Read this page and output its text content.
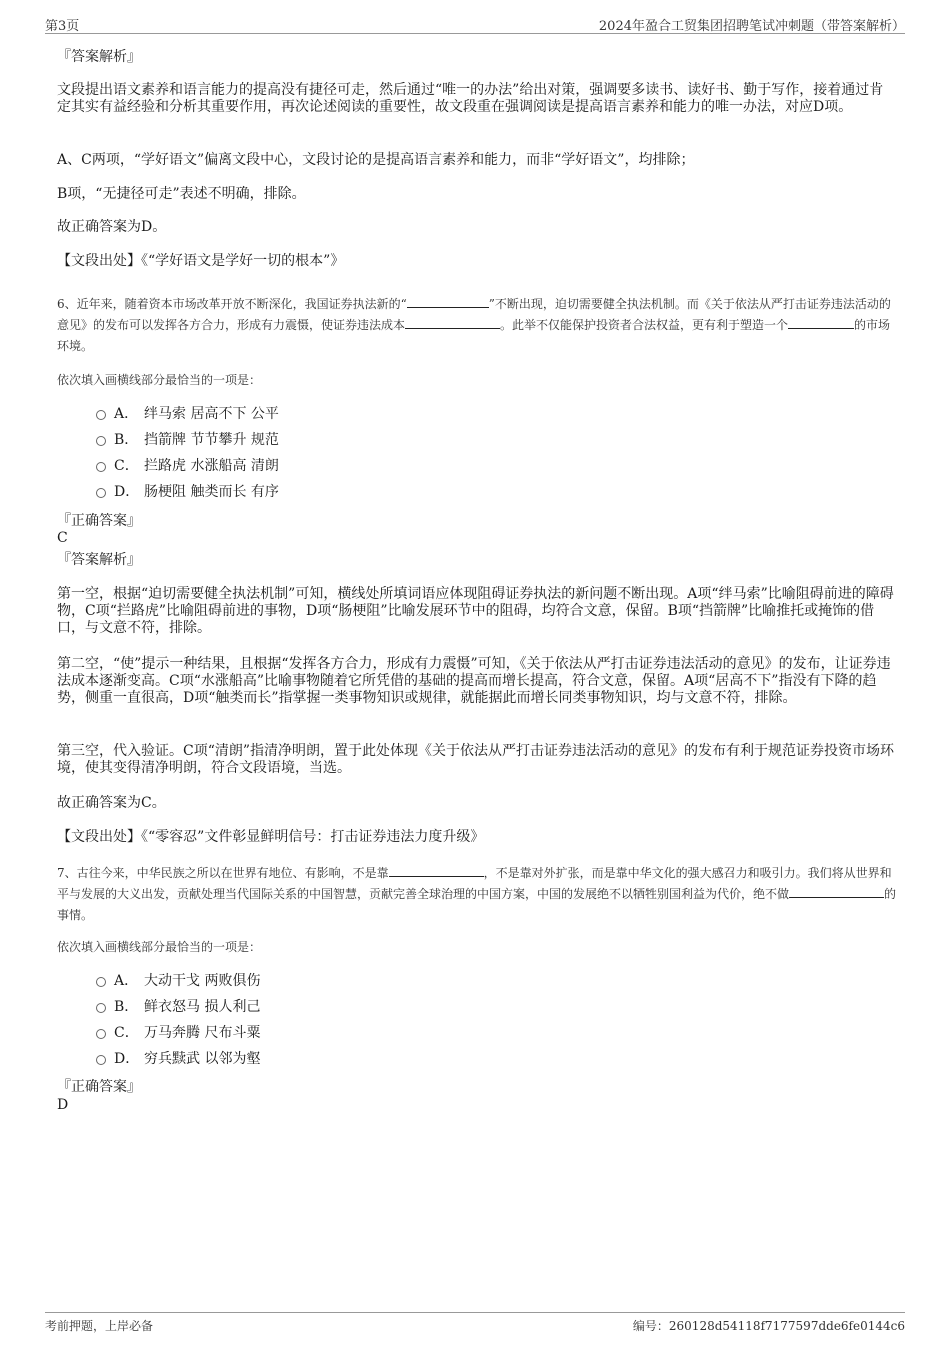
第3页	2024年盈合工贸集团招聘笔试冲刺题（带答案解析）

『答案解析』

文段提出语文素养和语言能力的提高没有捷径可走，然后通过“唯一的办法”给出对策，强调要多读书、读好书、勤于写作，接着通过肯定其实有益经验和分析其重要作用，再次论述阅读的重要性，故文段重在强调阅读是提高语言素养和能力的唯一办法，对应D项。

A、C两项，“学好语文”偏离文段中心，文段讨论的是提高语言素养和能力，而非“学好语文”，均排除；

B项，“无捷径可走”表述不明确，排除。

故正确答案为D。

【文段出处】《“学好语文是学好一切的根本”》

6、近年来，随着资本市场改革开放不断深化，我国证券执法新的“	”不断出现，迫切需要健全执法机制。而《关于依法从严打击证券违法活动的意见》的发布可以发挥各方合力，形成有力震慑，使证券违法成本	。此举不仅能保护投资者合法权益，更有利于塑造一个	的市场环境。

依次填入画横线部分最恰当的一项是：

A． 绊马索 居高不下 公平
B． 挡箭牌 节节攀升 规范
C． 拦路虎 水涨船高 清朗
D． 肠梗阻 触类而长 有序

『正确答案』

C

『答案解析』

第一空，根据“迫切需要健全执法机制”可知，横线处所填词语应体现阻碍证券执法的新问题不断出现。A项“绊马索”比喻阻碍前进的障碍物，C项“拦路虎”比喻阻碍前进的事物，D项“肠梗阻”比喻发展环节中的阻碍，均符合文意，保留。B项“挡箭牌”比喻推托或掩饰的借口，与文意不符，排除。

第二空，“使”提示一种结果，且根据“发挥各方合力，形成有力震慑”可知，《关于依法从严打击证券违法活动的意见》的发布，让证券违法成本逐渐变高。C项“水涨船高”比喻事物随着它所凭借的基础的提高而增长提高，符合文意，保留。A项“居高不下”指没有下降的趋势，侧重一直很高，D项“触类而长”指掌握一类事物知识或规律，就能据此而增长同类事物知识，均与文意不符，排除。

第三空，代入验证。C项“清朗”指清净明朗，置于此处体现《关于依法从严打击证券违法活动的意见》的发布有利于规范证券投资市场环境，使其变得清净明朗，符合文段语境，当选。

故正确答案为C。

【文段出处】《“零容忍”文件彰显鲜明信号：打击证券违法力度升级》

7、古往今来，中华民族之所以在世界有地位、有影响，不是靠	，不是靠对外扩张，而是靠中华文化的强大感召力和吸引力。我们将从世界和平与发展的大义出发，贡献处理当代国际关系的中国智慧，贡献完善全球治理的中国方案，中国的发展绝不以牺牲别国利益为代价，绝不做	的事情。

依次填入画横线部分最恰当的一项是：

A． 大动干戈 两败俱伤
B． 鲜衣怒马 损人利己
C． 万马奔腾 尺布斗粟
D． 穷兵黩武 以邻为壑

『正确答案』

D

考前押题，上岸必备	编号：260128d54118f7177597dde6fe0144c6
